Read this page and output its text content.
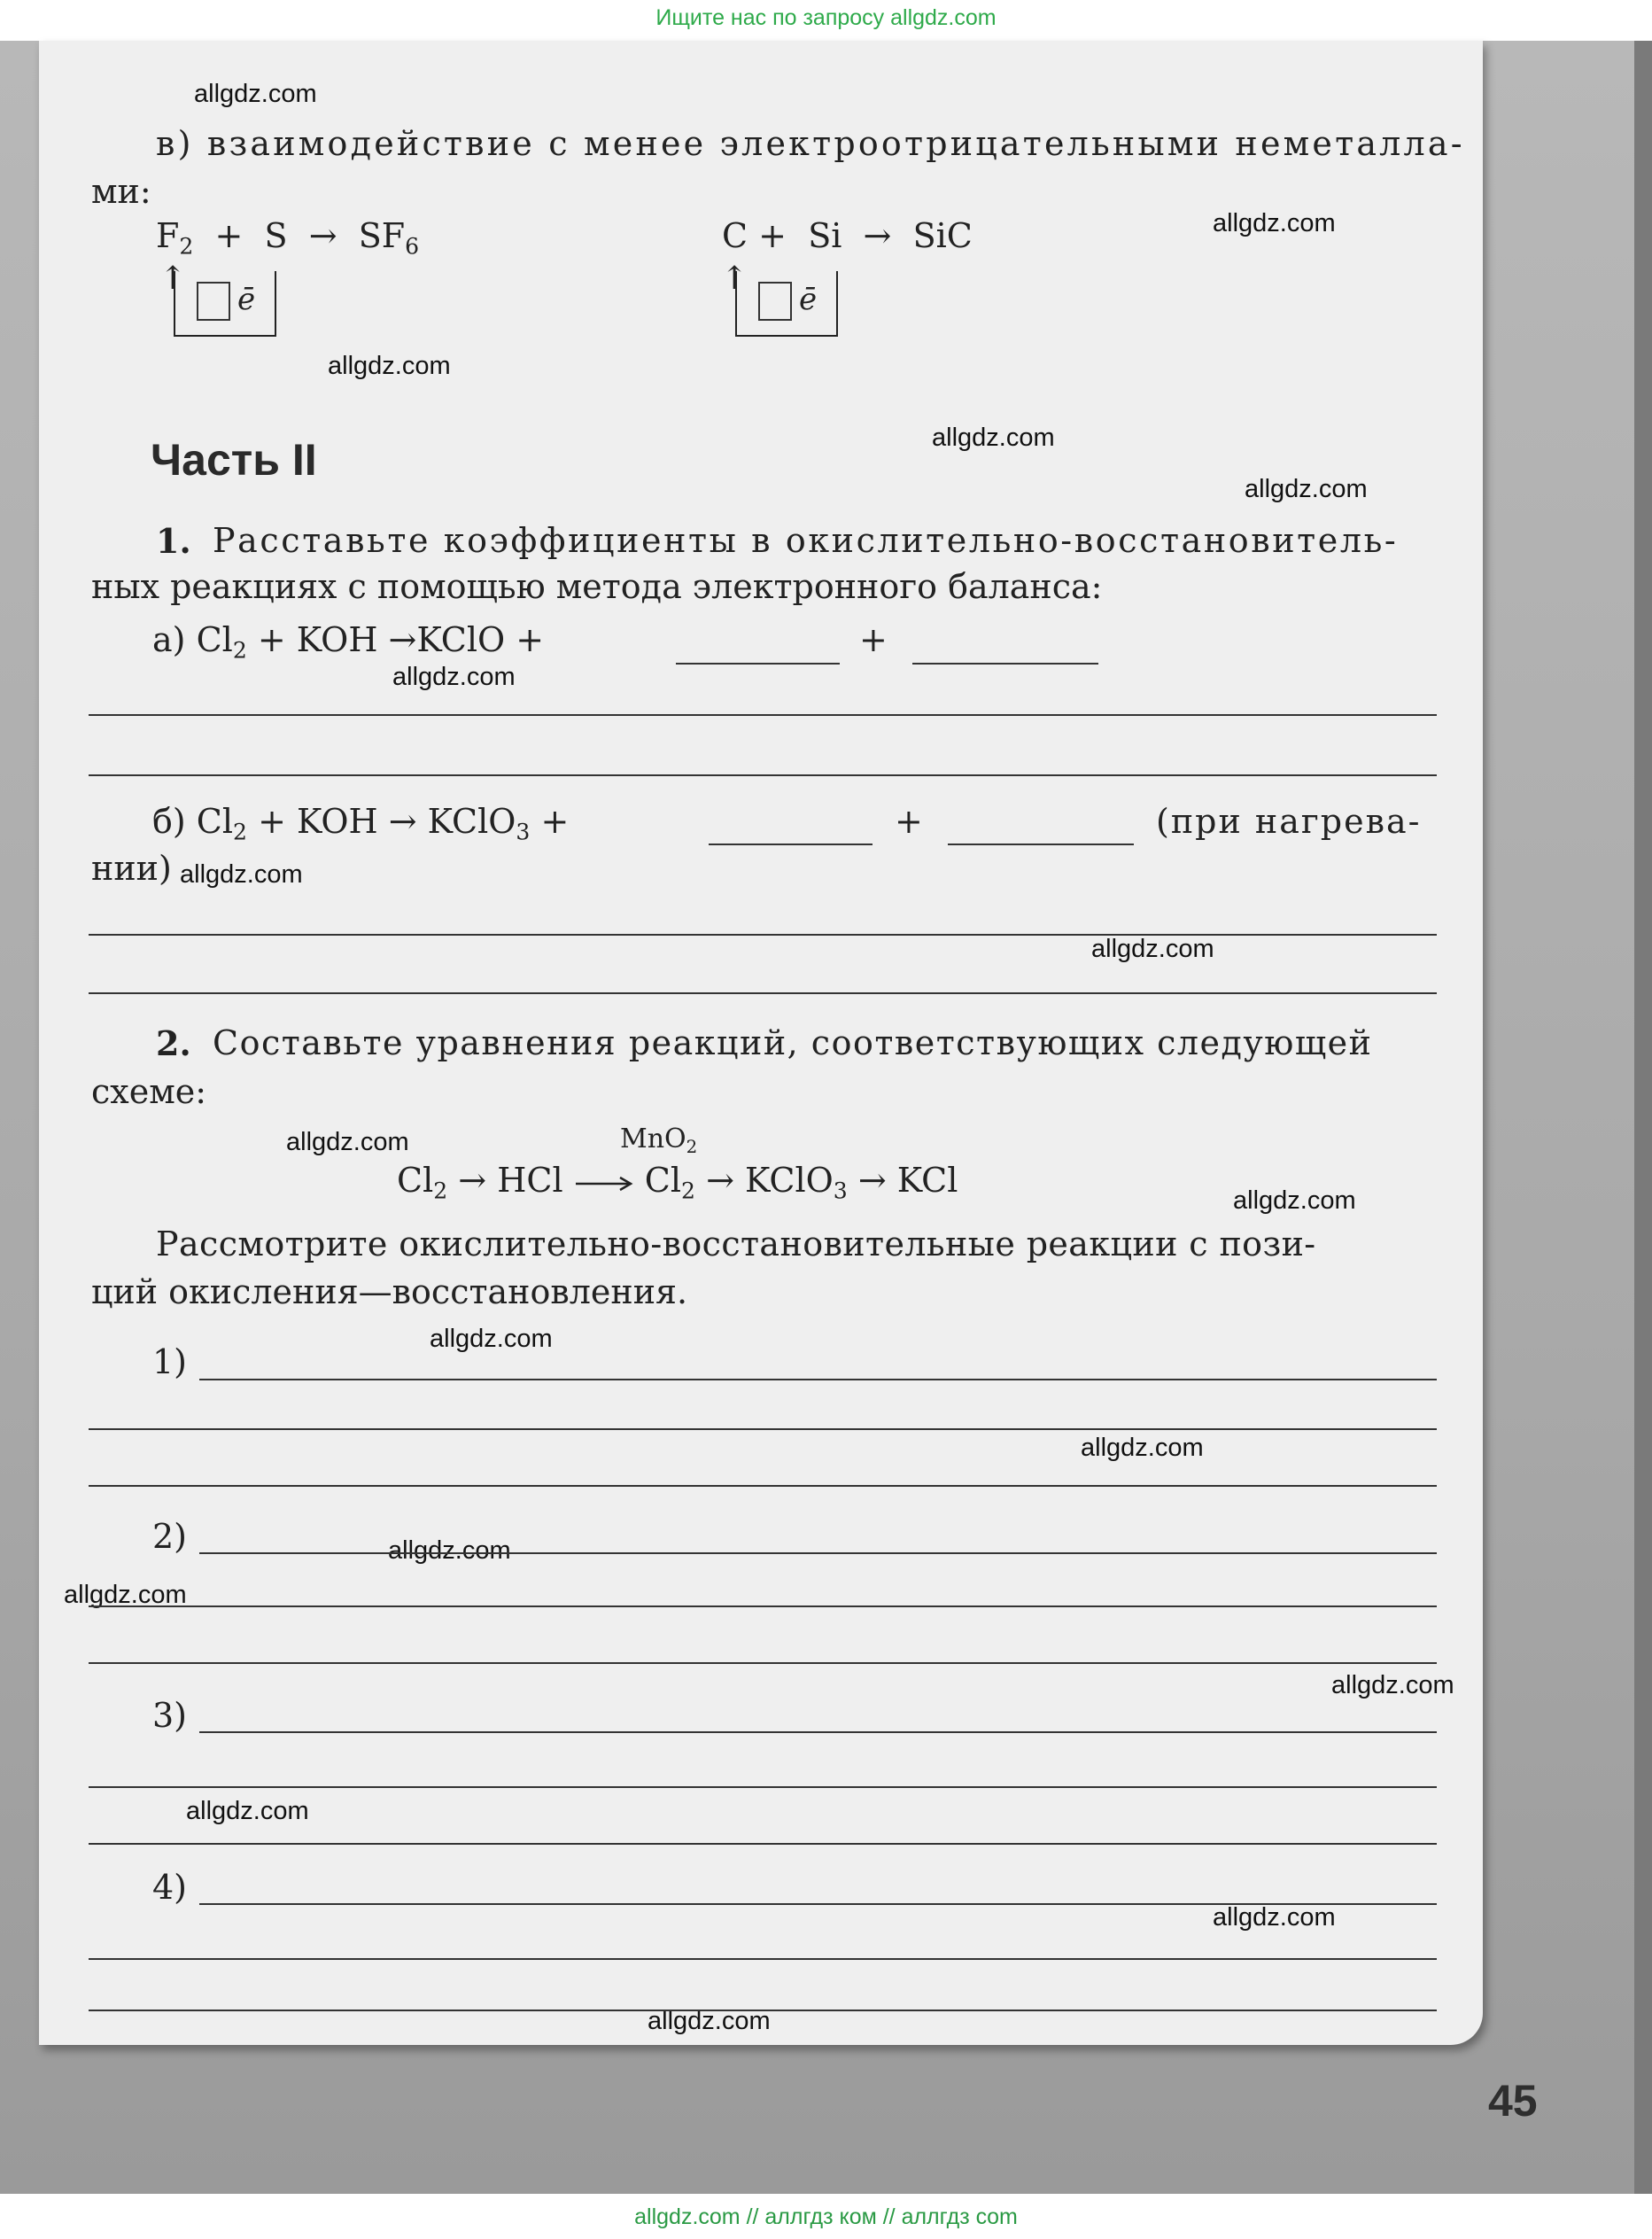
Ищите нас по запросу allgdz.com
allgdz.com
allgdz.com
allgdz.com
allgdz.com
allgdz.com
allgdz.com
allgdz.com
allgdz.com
allgdz.com
allgdz.com
allgdz.com
allgdz.com
allgdz.com
allgdz.com
allgdz.com
allgdz.com
allgdz.com
allgdz.com
в) взаимодействие с менее электроотрицательными неметалла-
ми:
$F_2 + S \to SF_6$	C + Si → SiC
↑
ē
↑
ē
Часть II
1. Расставьте коэффициенты в окислительно-восстановитель-
ных реакциях с помощью метода электронного баланса:
а) $Cl_2$ + KOH →KClO +	+
б) $Cl_2$ + KOH → KClO$_3$ +	+	(при нагрева-
нии)
2. Составьте уравнения реакций, соответствующих следующей
схеме:
MnO$_2$
$Cl_2$ → HCl $Cl_2$ → KClO$_3$ → KCl
Рассмотрите окислительно-восстановительные реакции с пози-
ций окисления—восстановления.
1)
2)
3)
4)
45
allgdz.com // аллгдз ком // аллгдз com
